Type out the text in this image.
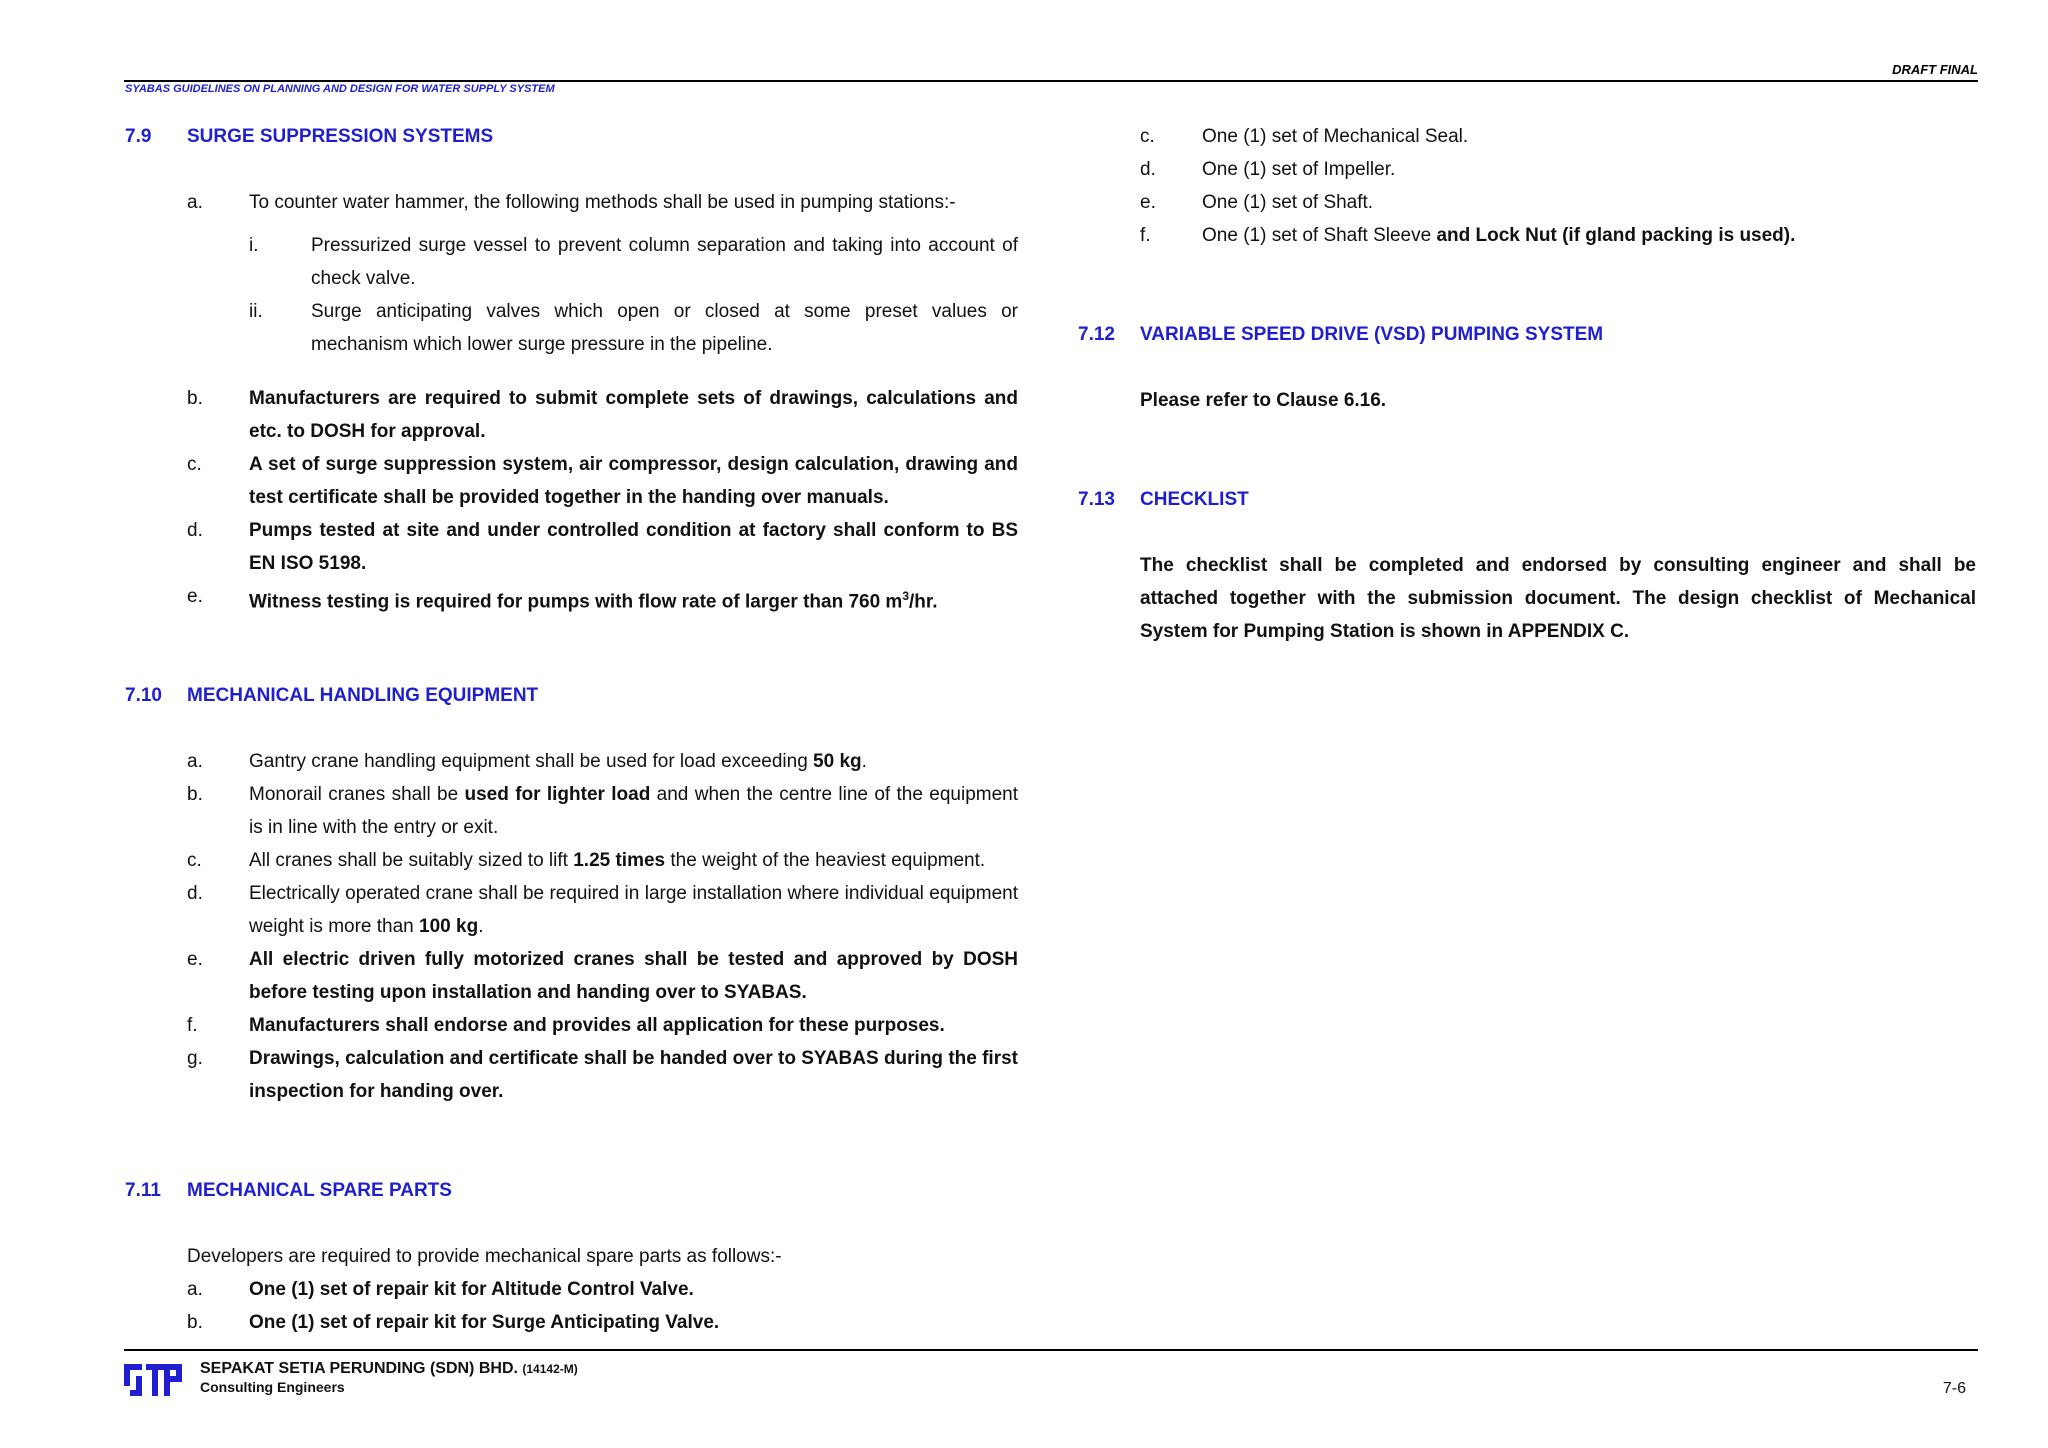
DRAFT FINAL
SYABAS GUIDELINES ON PLANNING AND DESIGN FOR WATER SUPPLY SYSTEM
7.9 SURGE SUPPRESSION SYSTEMS
a. To counter water hammer, the following methods shall be used in pumping stations:-
i.	Pressurized surge vessel to prevent column separation and taking into account of check valve.
ii.	Surge anticipating valves which open or closed at some preset values or mechanism which lower surge pressure in the pipeline.
b. Manufacturers are required to submit complete sets of drawings, calculations and etc. to DOSH for approval.
c. A set of surge suppression system, air compressor, design calculation, drawing and test certificate shall be provided together in the handing over manuals.
d. Pumps tested at site and under controlled condition at factory shall conform to BS EN ISO 5198.
e. Witness testing is required for pumps with flow rate of larger than 760 $m^3/hr$.
7.10 MECHANICAL HANDLING EQUIPMENT
a. Gantry crane handling equipment shall be used for load exceeding 50 kg.
b. Monorail cranes shall be used for lighter load and when the centre line of the equipment is in line with the entry or exit.
c. All cranes shall be suitably sized to lift 1.25 times the weight of the heaviest equipment.
d. Electrically operated crane shall be required in large installation where individual equipment weight is more than 100 kg.
e. All electric driven fully motorized cranes shall be tested and approved by DOSH before testing upon installation and handing over to SYABAS.
f.	Manufacturers shall endorse and provides all application for these purposes.
g. Drawings, calculation and certificate shall be handed over to SYABAS during the first inspection for handing over.
7.11 MECHANICAL SPARE PARTS
Developers are required to provide mechanical spare parts as follows:-
a. One (1) set of repair kit for Altitude Control Valve.
b. One (1) set of repair kit for Surge Anticipating Valve.
c. One (1) set of Mechanical Seal.
d. One (1) set of Impeller.
e. One (1) set of Shaft.
f.	One (1) set of Shaft Sleeve and Lock Nut (if gland packing is used).
7.12 VARIABLE SPEED DRIVE (VSD) PUMPING SYSTEM
Please refer to Clause 6.16.
7.13 CHECKLIST
The checklist shall be completed and endorsed by consulting engineer and shall be attached together with the submission document. The design checklist of Mechanical System for Pumping Station is shown in APPENDIX C.
SEPAKAT SETIA PERUNDING (SDN) BHD. (14142-M)
Consulting Engineers	7-6
